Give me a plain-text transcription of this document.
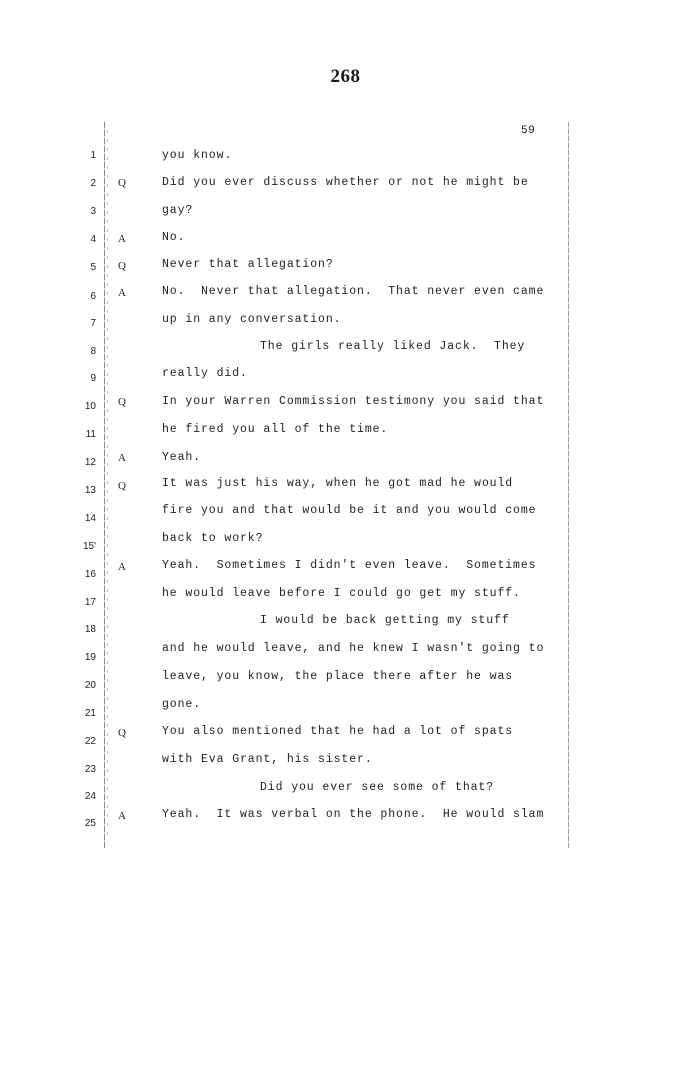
268
59
1
2
3
4
5
6
7
8
9
10
11
12
13
14
15'
16
17
18
19
20
21
22
23
24
25
Q
A
Q
A
Q
A
Q
A
Q
A
you know.
Did you ever discuss whether or not he might be
gay?
No.
Never that allegation?
No.  Never that allegation.  That never even came
up in any conversation.
The girls really liked Jack.  They
really did.
In your Warren Commission testimony you said that
he fired you all of the time.
Yeah.
It was just his way, when he got mad he would
fire you and that would be it and you would come
back to work?
Yeah.  Sometimes I didn't even leave.  Sometimes
he would leave before I could go get my stuff.
I would be back getting my stuff
and he would leave, and he knew I wasn't going to
leave, you know, the place there after he was
gone.
You also mentioned that he had a lot of spats
with Eva Grant, his sister.
Did you ever see some of that?
Yeah.  It was verbal on the phone.  He would slam
